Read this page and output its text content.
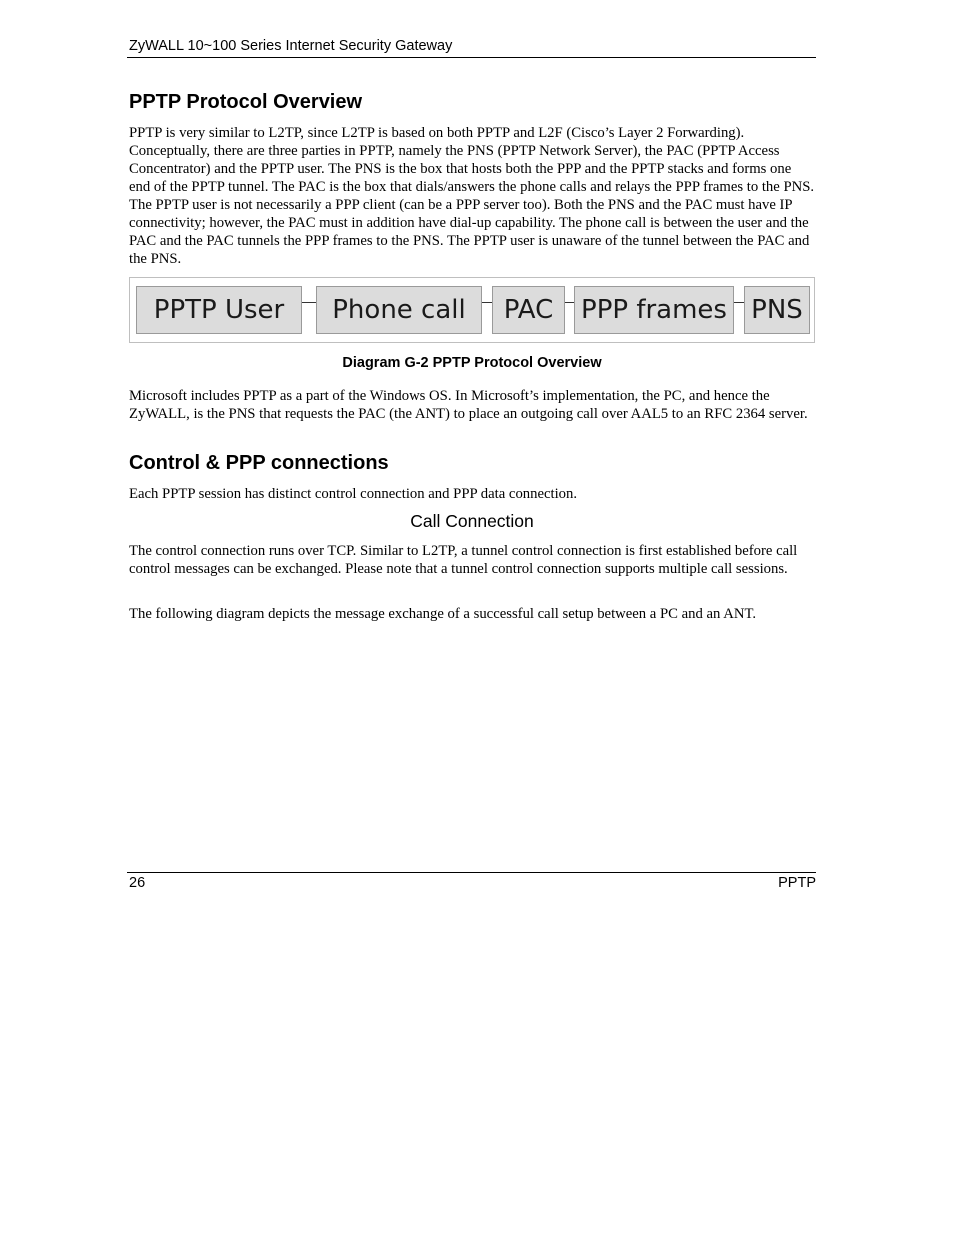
ZyWALL 10~100 Series Internet Security Gateway
PPTP Protocol Overview

PPTP is very similar to L2TP, since L2TP is based on both PPTP and L2F (Cisco’s Layer 2 Forwarding). Conceptually, there are three parties in PPTP, namely the PNS (PPTP Network Server), the PAC (PPTP Access Concentrator) and the PPTP user. The PNS is the box that hosts both the PPP and the PPTP stacks and forms one end of the PPTP tunnel. The PAC is the box that dials/answers the phone calls and relays the PPP frames to the PNS. The PPTP user is not necessarily a PPP client (can be a PPP server too). Both the PNS and the PAC must have IP connectivity; however, the PAC must in addition have dial-up capability. The phone call is between the user and the PAC and the PAC tunnels the PPP frames to the PNS. The PPTP user is unaware of the tunnel between the PAC and the PNS.

PPTP User	Phone call	PAC	PPP frames PNS
Diagram G-2 PPTP Protocol Overview

Microsoft includes PPTP as a part of the Windows OS. In Microsoft’s implementation, the PC, and hence the ZyWALL, is the PNS that requests the PAC (the ANT) to place an outgoing call over AAL5 to an RFC 2364 server.

Control & PPP connections

Each PPTP session has distinct control connection and PPP data connection.

Call Connection

The control connection runs over TCP. Similar to L2TP, a tunnel control connection is first established before call control messages can be exchanged. Please note that a tunnel control connection supports multiple call sessions.

The following diagram depicts the message exchange of a successful call setup between a PC and an ANT.

26	PPTP
